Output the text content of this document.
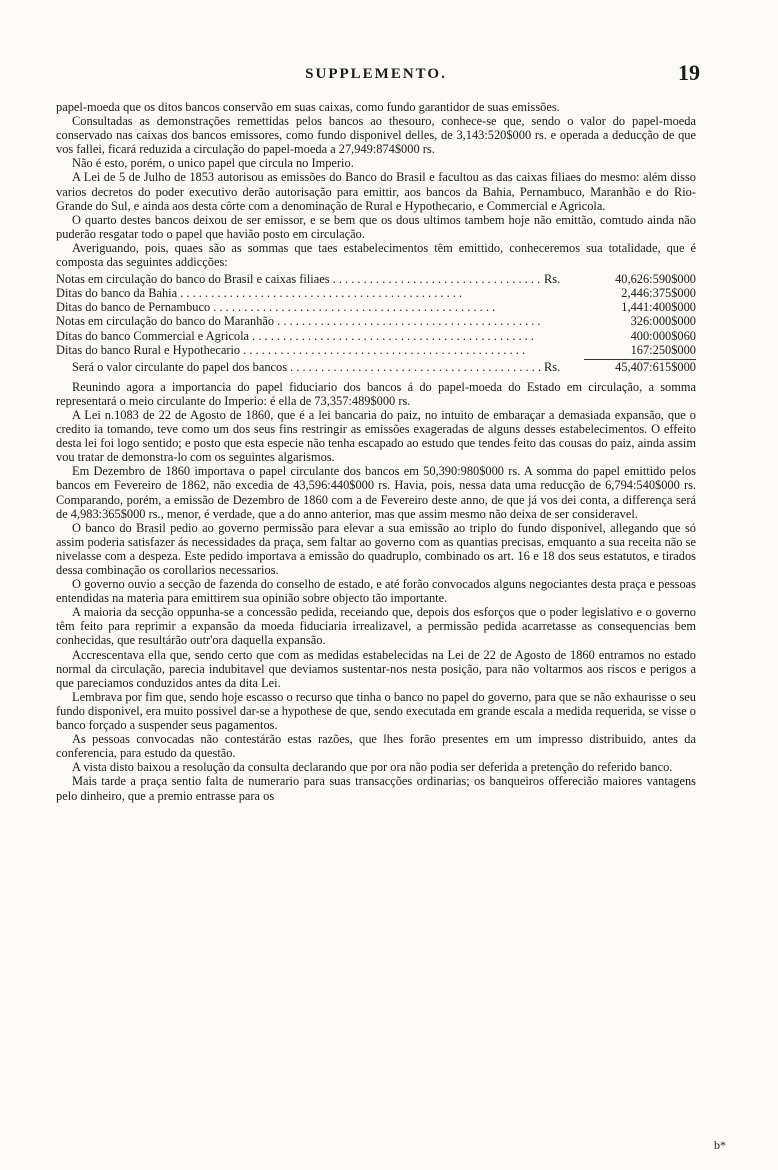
SUPPLEMENTO.	19

papel-moeda que os ditos bancos conservão em suas caixas, como fundo garantidor de suas emissões.

Consultadas as demonstrações remettidas pelos bancos ao thesouro, conhece-se que, sendo o valor do papel-moeda conservado nas caixas dos bancos emissores, como fundo disponivel delles, de 3,143:520$000 rs. e operada a deducção de que vos fallei, ficará reduzida a circulação do papel-moeda a 27,949:874$000 rs.

Não é esto, porém, o unico papel que circula no Imperio.

A Lei de 5 de Julho de 1853 autorisou as emissões do Banco do Brasil e facultou as das caixas filiaes do mesmo: além disso varios decretos do poder executivo derão autorisação para emittir, aos bancos da Bahia, Pernambuco, Maranhão e do Rio-Grande do Sul, e ainda aos desta côrte com a denominação de Rural e Hypothecario, e Commercial e Agricola.

O quarto destes bancos deixou de ser emissor, e se bem que os dous ultimos tambem hoje não emittão, comtudo ainda não puderão resgatar todo o papel que havião posto em circulação.

Averiguando, pois, quaes são as sommas que taes estabelecimentos têm emittido, conheceremos sua totalidade, que é composta das seguintes addicções:

Notas em circulação do banco do Brasil e caixas filiaes . . .	Rs.	40,626:590$000
Ditas do banco da Bahia . . .	2,446:375$000
Ditas do banco de Pernambuco . . .	1,441:400$000
Notas em circulação do banco do Maranhão . . .	326:000$000
Ditas do banco Commercial e Agricola . . .	400:000$060
Ditas do banco Rural e Hypothecario . . .	167:250$000
Será o valor circulante do papel dos bancos . . .	Rs.	45,407:615$000

Reunindo agora a importancia do papel fiduciario dos bancos á do papel-moeda do Estado em circulação, a somma representará o meio circulante do Imperio: é ella de 73,357:489$000 rs.

A Lei n.1083 de 22 de Agosto de 1860, que é a lei bancaria do paiz, no intuito de embaraçar a demasiada expansão, que o credito ia tomando, teve como um dos seus fins restringir as emissões exageradas de alguns desses estabelecimentos. O effeito desta lei foi logo sentido; e posto que esta especie não tenha escapado ao estudo que tendes feito das cousas do paiz, ainda assim vou tratar de demonstra-lo com os seguintes algarismos.

Em Dezembro de 1860 importava o papel circulante dos bancos em 50,390:980$000 rs. A somma do papel emittido pelos bancos em Fevereiro de 1862, não excedia de 43,596:440$000 rs. Havia, pois, nessa data uma reducção de 6,794:540$000 rs. Comparando, porém, a emissão de Dezembro de 1860 com a de Fevereiro deste anno, de que já vos dei conta, a differença será de 4,983:365$000 rs., menor, é verdade, que a do anno anterior, mas que assim mesmo não deixa de ser consideravel.

O banco do Brasil pedio ao governo permissão para elevar a sua emissão ao triplo do fundo disponivel, allegando que só assim poderia satisfazer ás necessidades da praça, sem faltar ao governo com as quantias precisas, emquanto a sua receita não se nivelasse com a despeza. Este pedido importava a emissão do quadruplo, combinado os art. 16 e 18 dos seus estatutos, e tirados dessa combinação os corollarios necessarios.

O governo ouvio a secção de fazenda do conselho de estado, e até forão convocados alguns negociantes desta praça e pessoas entendidas na materia para emittirem sua opinião sobre objecto tão importante.

A maioria da secção oppunha-se a concessão pedida, receiando que, depois dos esforços que o poder legislativo e o governo têm feito para reprimir a expansão da moeda fiduciaria irrealizavel, a permissão pedida acarretasse as consequencias bem conhecidas, que resultárão outr'ora daquella expansão.

Accrescentava ella que, sendo certo que com as medidas estabelecidas na Lei de 22 de Agosto de 1860 entramos no estado normal da circulação, parecia indubitavel que deviamos sustentar-nos nesta posição, para não voltarmos aos riscos e perigos a que pareciamos conduzidos antes da dita Lei.

Lembrava por fim que, sendo hoje escasso o recurso que tinha o banco no papel do governo, para que se não exhaurisse o seu fundo disponivel, era muito possivel dar-se a hypothese de que, sendo executada em grande escala a medida requerida, se visse o banco forçado a suspender seus pagamentos.

As pessoas convocadas não contestárão estas razões, que lhes forão presentes em um impresso distribuido, antes da conferencia, para estudo da questão.

A vista disto baixou a resolução da consulta declarando que por ora não podia ser deferida a pretenção do referido banco.

Mais tarde a praça sentio falta de numerario para suas transacções ordinarias; os banqueiros offerecião maiores vantagens pelo dinheiro, que a premio entrasse para os

b*
